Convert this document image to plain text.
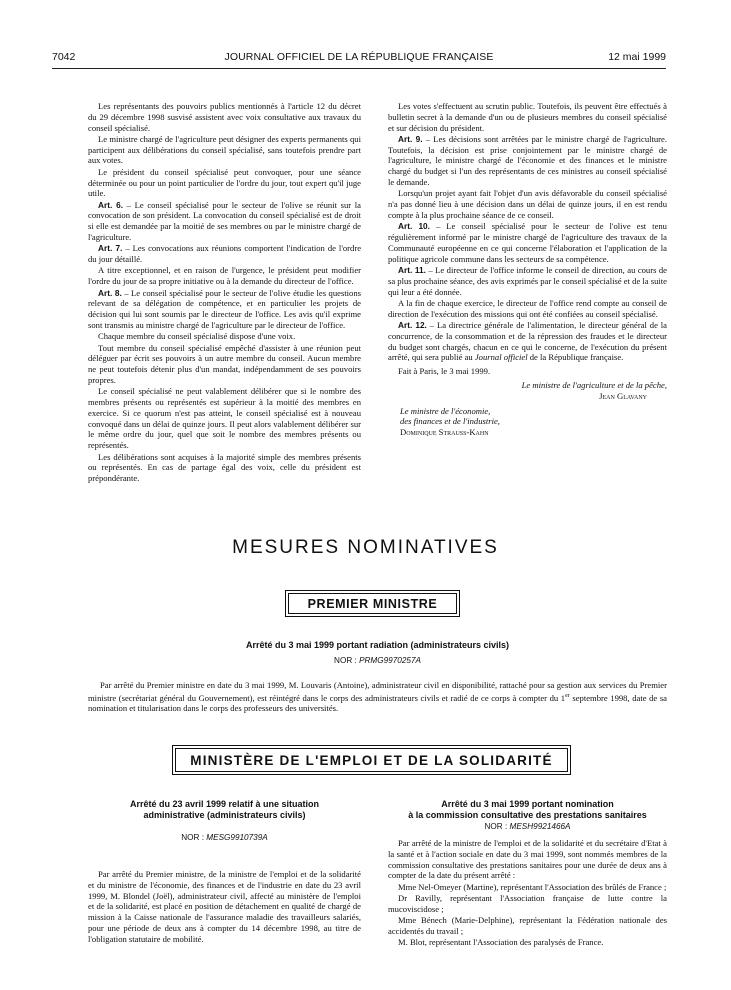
7042	JOURNAL OFFICIEL DE LA RÉPUBLIQUE FRANÇAISE	12 mai 1999

Les représentants des pouvoirs publics mentionnés à l'article 12 du décret du 29 décembre 1998 susvisé assistent avec voix consultative aux travaux du conseil spécialisé.

Le ministre chargé de l'agriculture peut désigner des experts permanents qui participent aux délibérations du conseil spécialisé, sans toutefois prendre part aux votes.

Le président du conseil spécialisé peut convoquer, pour une séance déterminée ou pour un point particulier de l'ordre du jour, tout expert qu'il juge utile.

Art. 6. – Le conseil spécialisé pour le secteur de l'olive se réunit sur la convocation de son président. La convocation du conseil spécialisé est de droit si elle est demandée par la moitié de ses membres ou par le ministre chargé de l'agriculture.

Art. 7. – Les convocations aux réunions comportent l'indication de l'ordre du jour détaillé.

A titre exceptionnel, et en raison de l'urgence, le président peut modifier l'ordre du jour de sa propre initiative ou à la demande du directeur de l'office.

Art. 8. – Le conseil spécialisé pour le secteur de l'olive étudie les questions relevant de sa délégation de compétence, et en particulier les projets de décision qui lui sont soumis par le directeur de l'office. Les avis qu'il exprime sont transmis au ministre chargé de l'agriculture par le directeur de l'office.

Chaque membre du conseil spécialisé dispose d'une voix.

Tout membre du conseil spécialisé empêché d'assister à une réunion peut déléguer par écrit ses pouvoirs à un autre membre du conseil. Aucun membre ne peut toutefois détenir plus d'un mandat, indépendamment de ses pouvoirs propres.

Le conseil spécialisé ne peut valablement délibérer que si le nombre des membres présents ou représentés est supérieur à la moitié des membres en exercice. Si ce quorum n'est pas atteint, le conseil spécialisé est à nouveau convoqué dans un délai de quinze jours. Il peut alors valablement délibérer sur le même ordre du jour, quel que soit le nombre des membres présents ou représentés.

Les délibérations sont acquises à la majorité simple des membres présents ou représentés. En cas de partage égal des voix, celle du président est prépondérante.

Les votes s'effectuent au scrutin public. Toutefois, ils peuvent être effectués à bulletin secret à la demande d'un ou de plusieurs membres du conseil spécialisé et sur décision du président.

Art. 9. – Les décisions sont arrêtées par le ministre chargé de l'agriculture. Toutefois, la décision est prise conjointement par le ministre chargé de l'agriculture, le ministre chargé de l'économie et des finances et le ministre chargé du budget si l'un des représentants de ces ministres au conseil spécialisé le demande.

Lorsqu'un projet ayant fait l'objet d'un avis défavorable du conseil spécialisé n'a pas donné lieu à une décision dans un délai de quinze jours, il en est rendu compte à la plus prochaine séance de ce conseil.

Art. 10. – Le conseil spécialisé pour le secteur de l'olive est tenu régulièrement informé par le ministre chargé de l'agriculture des travaux de la Communauté européenne en ce qui concerne l'élaboration et l'application de la politique agricole commune dans les secteurs de sa compétence.

Art. 11. – Le directeur de l'office informe le conseil de direction, au cours de sa plus prochaine séance, des avis exprimés par le conseil spécialisé et de la suite qui leur a été donnée.

A la fin de chaque exercice, le directeur de l'office rend compte au conseil de direction de l'exécution des missions qui ont été confiées au conseil spécialisé.

Art. 12. – La directrice générale de l'alimentation, le directeur général de la concurrence, de la consommation et de la répression des fraudes et le directeur du budget sont chargés, chacun en ce qui le concerne, de l'exécution du présent arrêté, qui sera publié au Journal officiel de la République française.

Fait à Paris, le 3 mai 1999.

Le ministre de l'agriculture et de la pêche,
Jean Glavany
Le ministre de l'économie,
des finances et de l'industrie,
Dominique Strauss-Kahn
MESURES NOMINATIVES
PREMIER MINISTRE
Arrêté du 3 mai 1999 portant radiation (administrateurs civils)
NOR : PRMG9970257A
Par arrêté du Premier ministre en date du 3 mai 1999, M. Louvaris (Antoine), administrateur civil en disponibilité, rattaché pour sa gestion aux services du Premier ministre (secrétariat général du Gouvernement), est réintégré dans le corps des administrateurs civils et radié de ce corps à compter du 1er septembre 1998, date de sa nomination et titularisation dans le corps des professeurs des universités.
MINISTÈRE DE L'EMPLOI ET DE LA SOLIDARITÉ
Arrêté du 23 avril 1999 relatif à une situation
administrative (administrateurs civils)
NOR : MESG9910739A

Par arrêté du Premier ministre, de la ministre de l'emploi et de la solidarité et du ministre de l'économie, des finances et de l'industrie en date du 23 avril 1999, M. Blondel (Joël), administrateur civil, affecté au ministère de l'emploi et de la solidarité, est placé en position de détachement en qualité de chargé de mission à la Caisse nationale de l'assurance maladie des travailleurs salariés, pour une période de deux ans à compter du 14 décembre 1998, au titre de l'obligation statutaire de mobilité.

Arrêté du 3 mai 1999 portant nomination
à la commission consultative des prestations sanitaires
NOR : MESH9921466A

Par arrêté de la ministre de l'emploi et de la solidarité et du secrétaire d'Etat à la santé et à l'action sociale en date du 3 mai 1999, sont nommés membres de la commission consultative des prestations sanitaires pour une durée de deux ans à compter de la date du présent arrêté :

Mme Nel-Omeyer (Martine), représentant l'Association des brûlés de France ;

Dr Ravilly, représentant l'Association française de lutte contre la mucoviscidose ;

Mme Bénech (Marie-Delphine), représentant la Fédération nationale des accidentés du travail ;

M. Blot, représentant l'Association des paralysés de France.
